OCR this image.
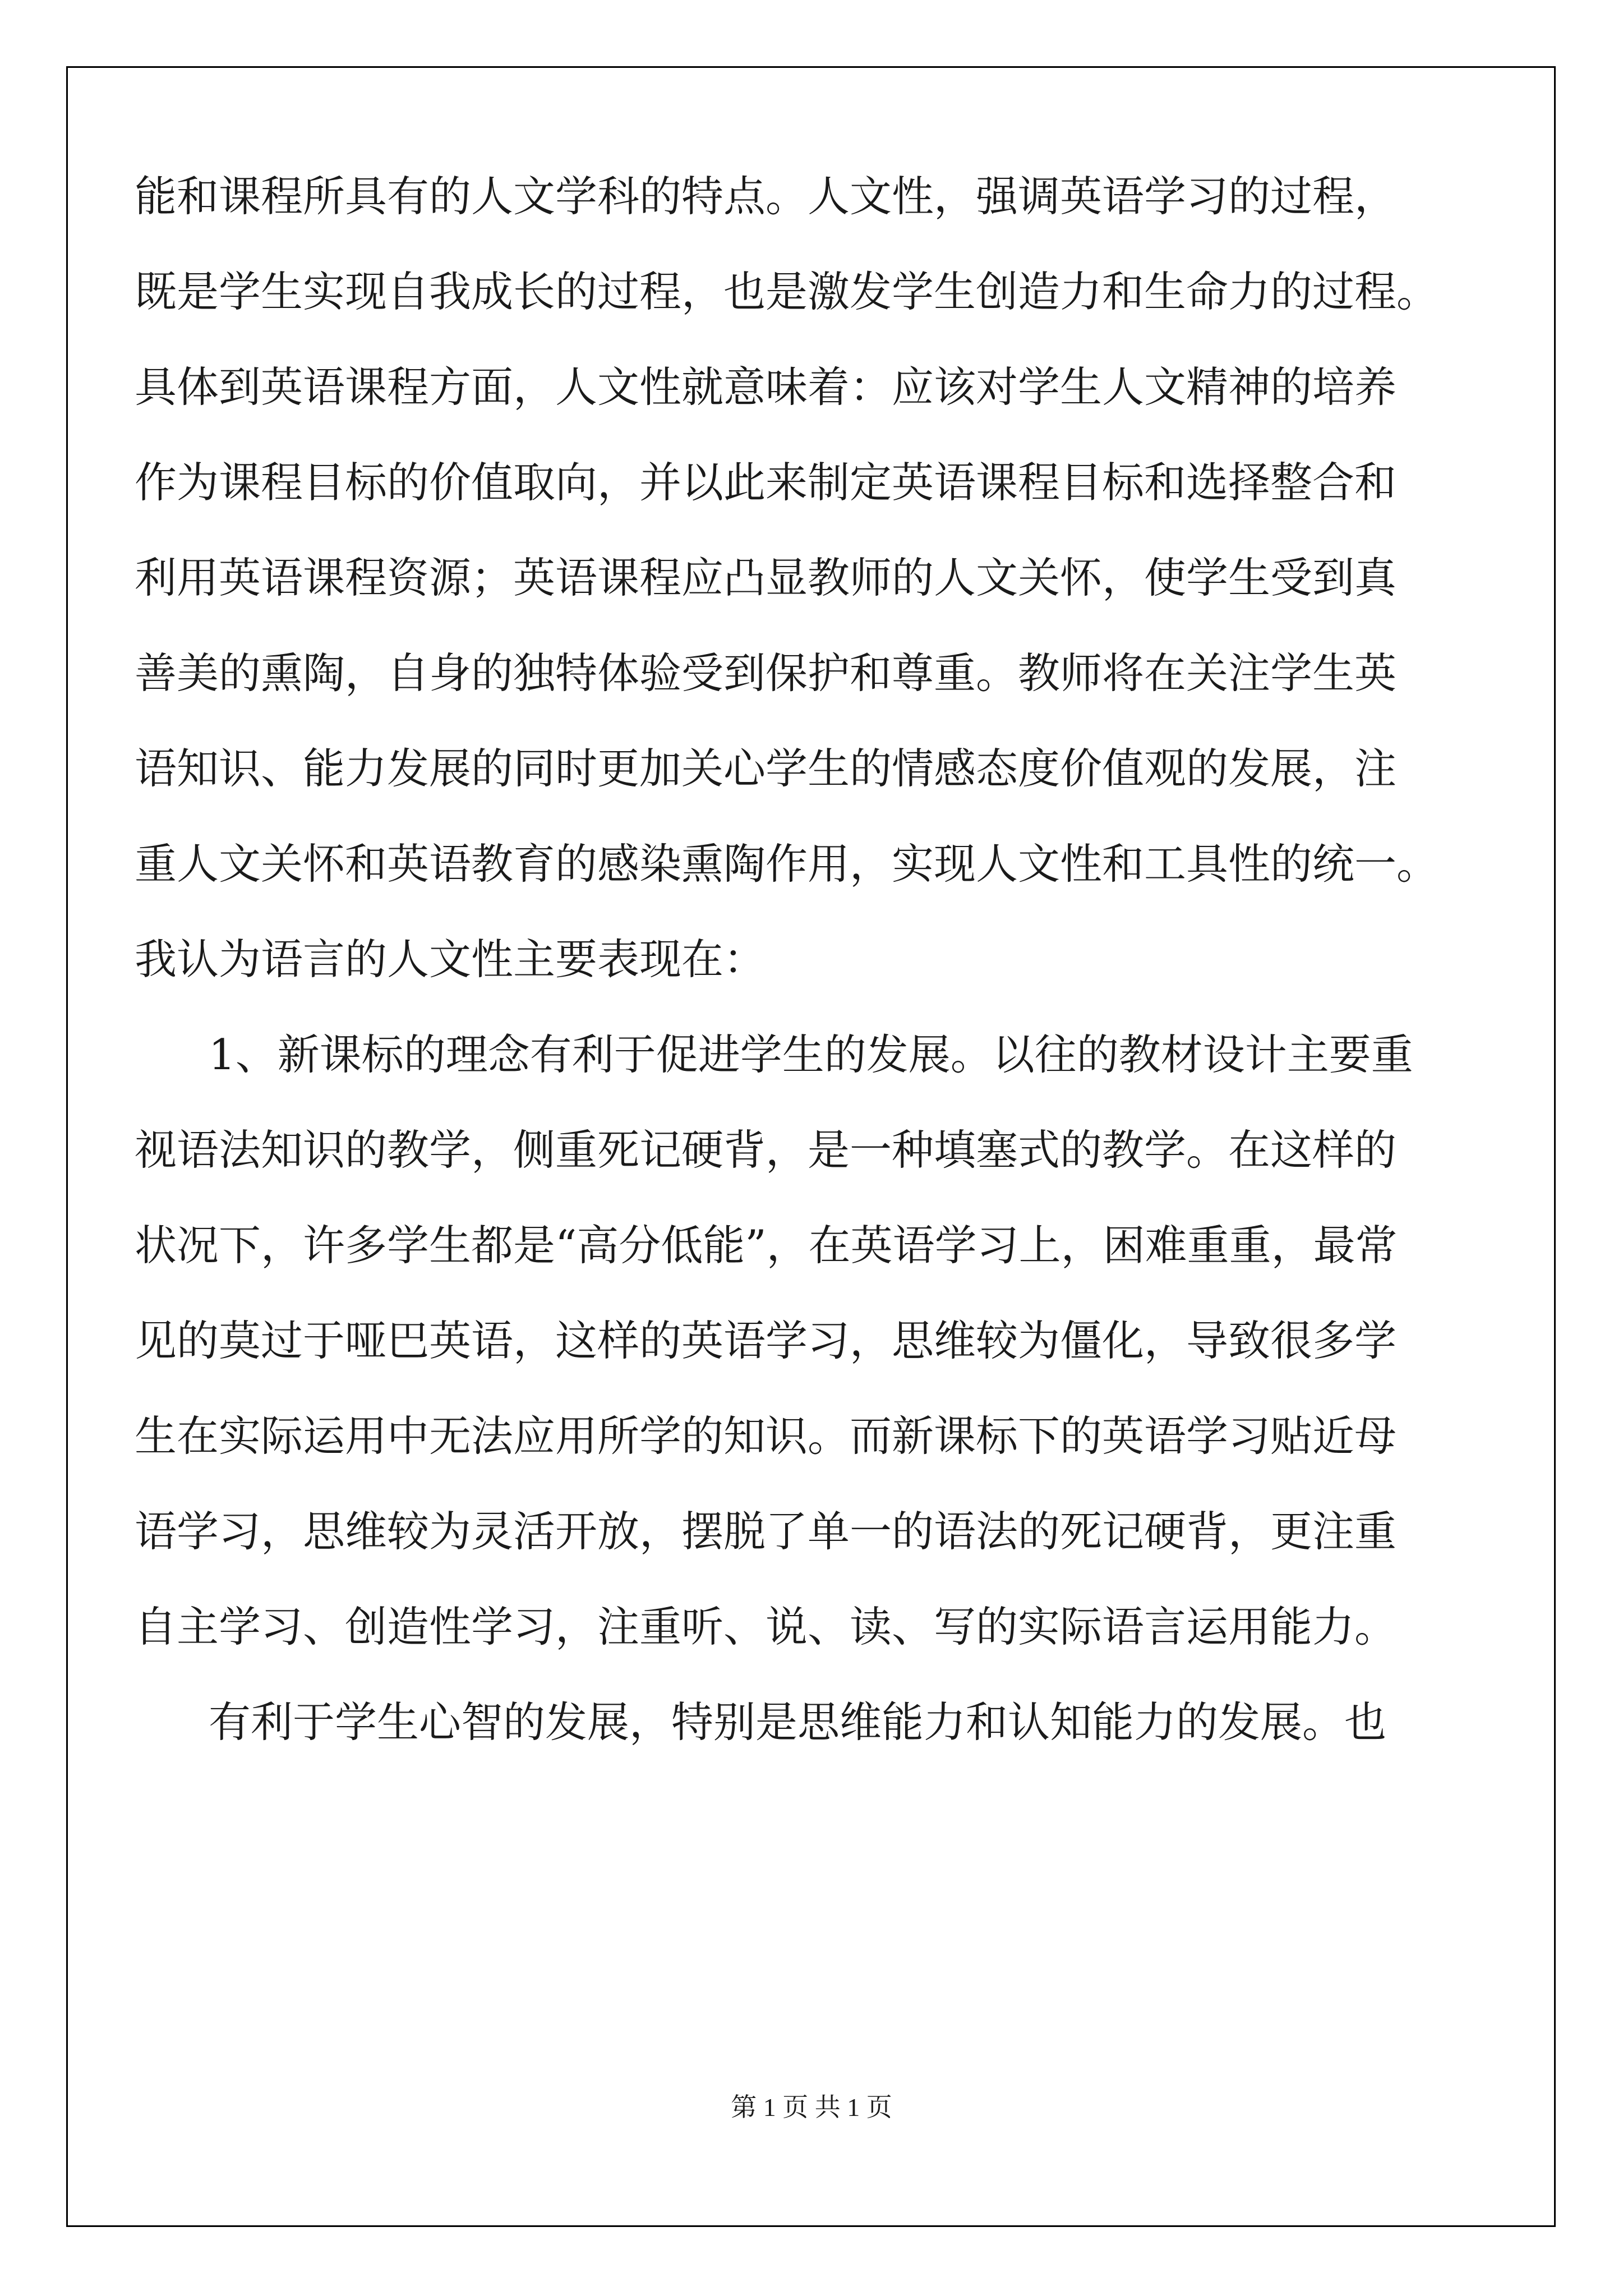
能和课程所具有的人文学科的特点。人文性，强调英语学习的过程，
既是学生实现自我成长的过程，也是激发学生创造力和生命力的过程。
具体到英语课程方面，人文性就意味着：应该对学生人文精神的培养
作为课程目标的价值取向，并以此来制定英语课程目标和选择整合和
利用英语课程资源；英语课程应凸显教师的人文关怀，使学生受到真
善美的熏陶，自身的独特体验受到保护和尊重。教师将在关注学生英
语知识、能力发展的同时更加关心学生的情感态度价值观的发展，注
重人文关怀和英语教育的感染熏陶作用，实现人文性和工具性的统一。
我认为语言的人文性主要表现在：
1、新课标的理念有利于促进学生的发展。以往的教材设计主要重
视语法知识的教学，侧重死记硬背，是一种填塞式的教学。在这样的
状况下，许多学生都是“高分低能”，在英语学习上，困难重重，最常
见的莫过于哑巴英语，这样的英语学习，思维较为僵化，导致很多学
生在实际运用中无法应用所学的知识。而新课标下的英语学习贴近母
语学习，思维较为灵活开放，摆脱了单一的语法的死记硬背，更注重
自主学习、创造性学习，注重听、说、读、写的实际语言运用能力。
有利于学生心智的发展，特别是思维能力和认知能力的发展。也
第 1 页 共 1 页
